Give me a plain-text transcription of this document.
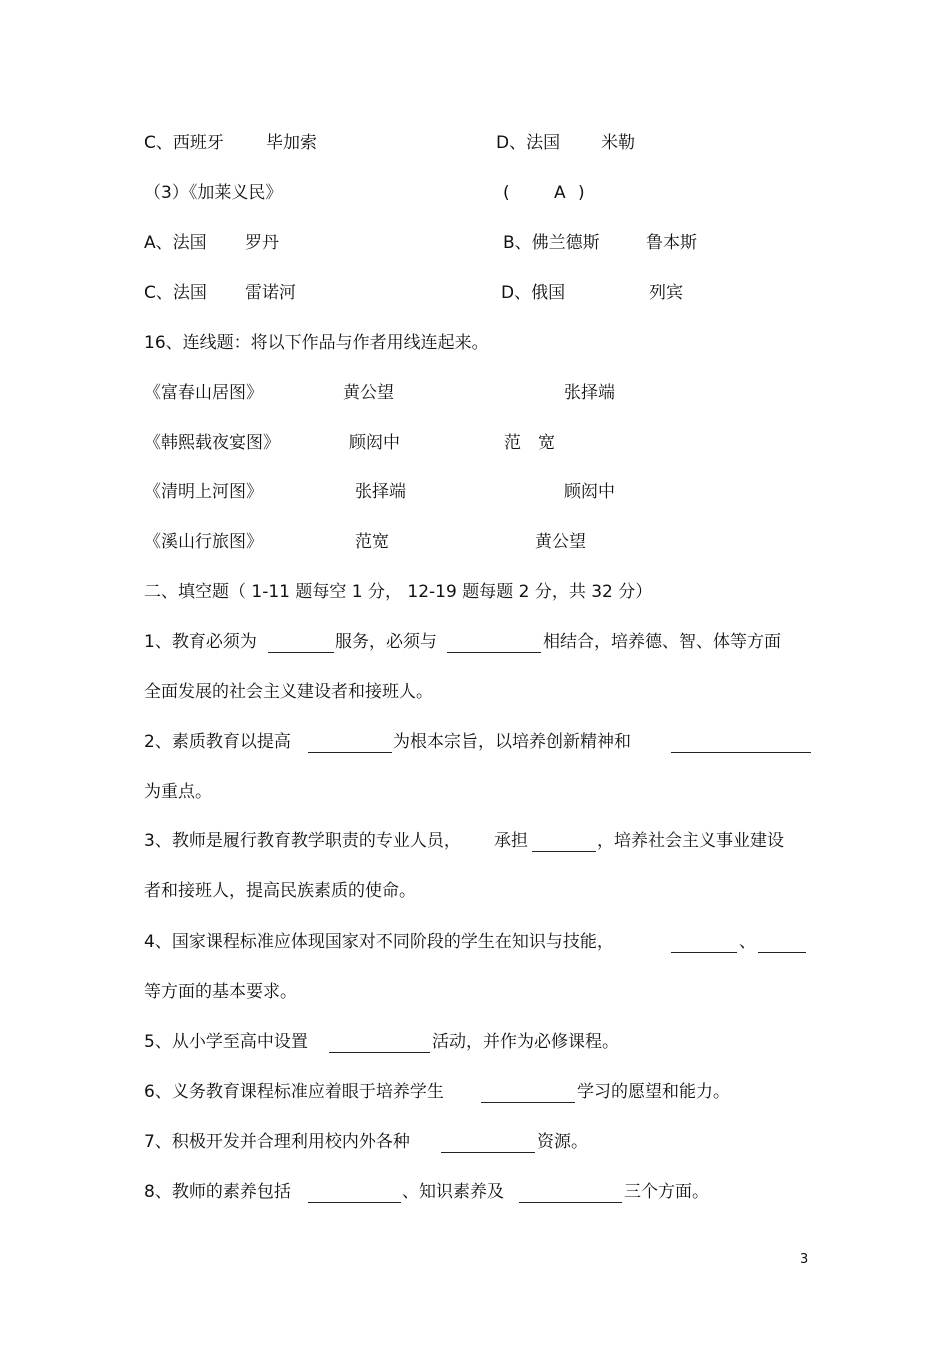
C、西班牙 毕加索	D、法国 米勒
（3）《加莱义民》	(	A )
A、法国 罗丹	B、佛兰德斯	鲁本斯
C、法国 雷诺河	D、俄国	列宾
16、连线题：将以下作品与作者用线连起来。
《富春山居图》	黄公望	张择端
《韩熙载夜宴图》	顾闳中	范　宽
《清明上河图》	张择端	顾闳中
《溪山行旅图》	范宽	黄公望
二、填空题（ 1-11 题每空 1 分， 12-19 题每题 2 分，共 32 分）
1、教育必须为	服务，必须与	相结合，培养德、智、体等方面
全面发展的社会主义建设者和接班人。
2、素质教育以提高	为根本宗旨，以培养创新精神和
为重点。
3、教师是履行教育教学职责的专业人员， 承担	，培养社会主义事业建设
者和接班人，提高民族素质的使命。
4、国家课程标准应体现国家对不同阶段的学生在知识与技能，	、
等方面的基本要求。
5、从小学至高中设置	活动，并作为必修课程。
6、义务教育课程标准应着眼于培养学生	学习的愿望和能力。
7、积极开发并合理利用校内外各种	资源。
8、教师的素养包括	、知识素养及	三个方面。
3
